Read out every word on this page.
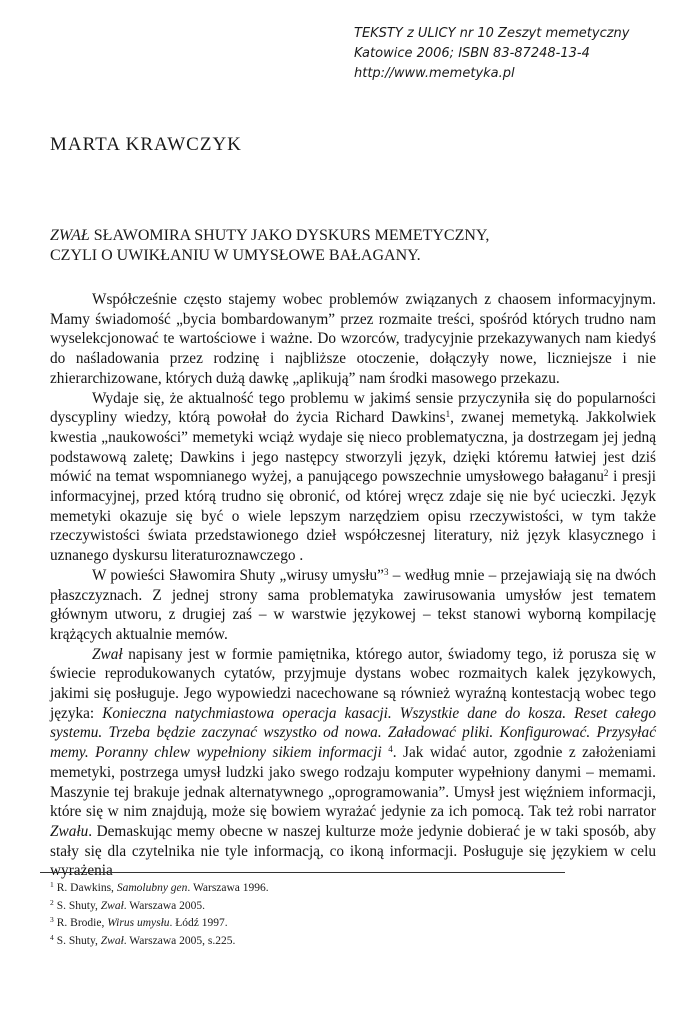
TEKSTY z ULICY nr 10 Zeszyt memetyczny
Katowice 2006; ISBN 83-87248-13-4
http://www.memetyka.pl
MARTA KRAWCZYK
ZWAŁ SŁAWOMIRA SHUTY JAKO DYSKURS MEMETYCZNY,
CZYLI O UWIKŁANIU W UMYSŁOWE BAŁAGANY.

Współcześnie często stajemy wobec problemów związanych z chaosem informacyjnym. Mamy świadomość „bycia bombardowanym” przez rozmaite treści, spośród których trudno nam wyselekcjonować te wartościowe i ważne. Do wzorców, tradycyjnie przekazywanych nam kiedyś do naśladowania przez rodzinę i najbliższe otoczenie, dołączyły nowe, liczniejsze i nie zhierarchizowane, których dużą dawkę „aplikują” nam środki masowego przekazu.

Wydaje się, że aktualność tego problemu w jakimś sensie przyczyniła się do popularności dyscypliny wiedzy, którą powołał do życia Richard Dawkins$^1$, zwanej memetyką. Jakkolwiek kwestia „naukowości” memetyki wciąż wydaje się nieco problematyczna, ja dostrzegam jej jedną podstawową zaletę; Dawkins i jego następcy stworzyli język, dzięki któremu łatwiej jest dziś mówić na temat wspomnianego wyżej, a panującego powszechnie umysłowego bałaganu$^2$ i presji informacyjnej, przed którą trudno się obronić, od której wręcz zdaje się nie być ucieczki. Język memetyki okazuje się być o wiele lepszym narzędziem opisu rzeczywistości, w tym także rzeczywistości świata przedstawionego dzieł współczesnej literatury, niż język klasycznego i uznanego dyskursu literaturoznawczego .

W powieści Sławomira Shuty „wirusy umysłu”$^3$ – według mnie – przejawiają się na dwóch płaszczyznach. Z jednej strony sama problematyka zawirusowania umysłów jest tematem głównym utworu, z drugiej zaś – w warstwie językowej – tekst stanowi wyborną kompilację krążących aktualnie memów.

Zwał napisany jest w formie pamiętnika, którego autor, świadomy tego, iż porusza się w świecie reprodukowanych cytatów, przyjmuje dystans wobec rozmaitych kalek językowych, jakimi się posługuje. Jego wypowiedzi nacechowane są również wyraźną kontestacją wobec tego języka: Konieczna natychmiastowa operacja kasacji. Wszystkie dane do kosza. Reset całego systemu. Trzeba będzie zaczynać wszystko od nowa. Załadować pliki. Konfigurować. Przysyłać memy. Poranny chlew wypełniony sikiem informacji $^4$. Jak widać autor, zgodnie z założeniami memetyki, postrzega umysł ludzki jako swego rodzaju komputer wypełniony danymi – memami. Maszynie tej brakuje jednak alternatywnego „oprogramowania”. Umysł jest więźniem informacji, które się w nim znajdują, może się bowiem wyrażać jedynie za ich pomocą. Tak też robi narrator Zwału. Demaskując memy obecne w naszej kulturze może jedynie dobierać je w taki sposób, aby stały się dla czytelnika nie tyle informacją, co ikoną informacji. Posługuje się językiem w celu wyrażenia

$^1$ R. Dawkins, Samolubny gen. Warszawa 1996.
$^2$ S. Shuty, Zwał. Warszawa 2005.
$^3$ R. Brodie, Wirus umysłu. Łódź 1997.
$^4$ S. Shuty, Zwał. Warszawa 2005, s.225.
